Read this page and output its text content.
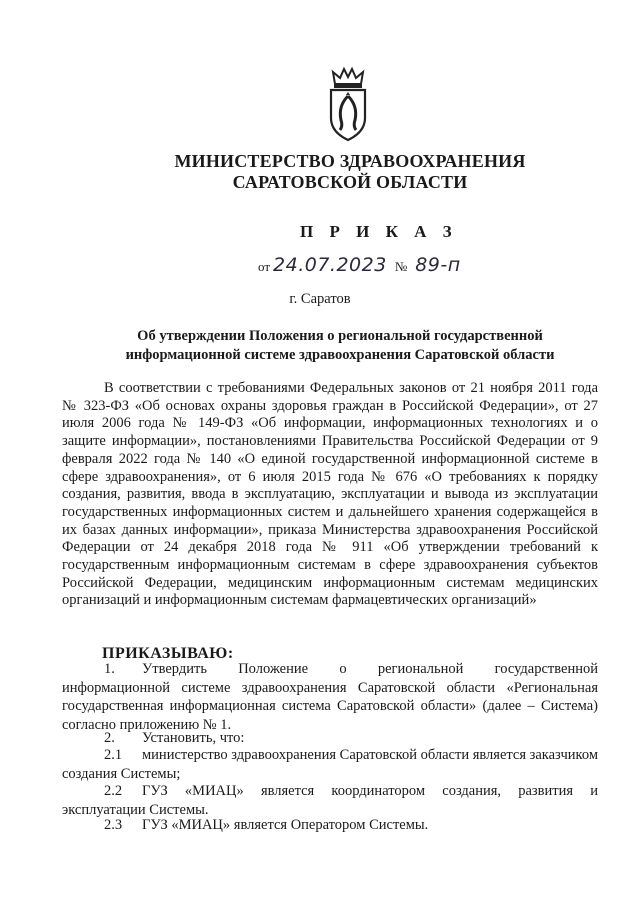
МИНИСТЕРСТВО ЗДРАВООХРАНЕНИЯ
САРАТОВСКОЙ ОБЛАСТИ
П Р И К А З
от 24.07.2023 № 89-п
г. Саратов
Об утверждении Положения о региональной государственной
информационной системе здравоохранения Саратовской области

В соответствии с требованиями Федеральных законов от 21 ноября 2011 года № 323-ФЗ «Об основах охраны здоровья граждан в Российской Федерации», от 27 июля 2006 года № 149-ФЗ «Об информации, информационных технологиях и о защите информации», постановлениями Правительства Российской Федерации от 9 февраля 2022 года № 140 «О единой государственной информационной системе в сфере здравоохранения», от 6 июля 2015 года № 676 «О требованиях к порядку создания, развития, ввода в эксплуатацию, эксплуатации и вывода из эксплуатации государственных информационных систем и дальнейшего хранения содержащейся в их базах данных информации», приказа Министерства здравоохранения Российской Федерации от 24 декабря 2018 года № 911 «Об утверждении требований к государственным информационным системам в сфере здравоохранения субъектов Российской Федерации, медицинским информационным системам медицинских организаций и информационным системам фармацевтических организаций»

ПРИКАЗЫВАЮ:
1. Утвердить Положение о региональной государственной информационной системе здравоохранения Саратовской области «Региональная государственная информационная система Саратовской области» (далее – Система) согласно приложению № 1.
2. Установить, что:
2.1 министерство здравоохранения Саратовской области является заказчиком создания Системы;
2.2 ГУЗ «МИАЦ» является координатором создания, развития и эксплуатации Системы.
2.3 ГУЗ «МИАЦ» является Оператором Системы.
